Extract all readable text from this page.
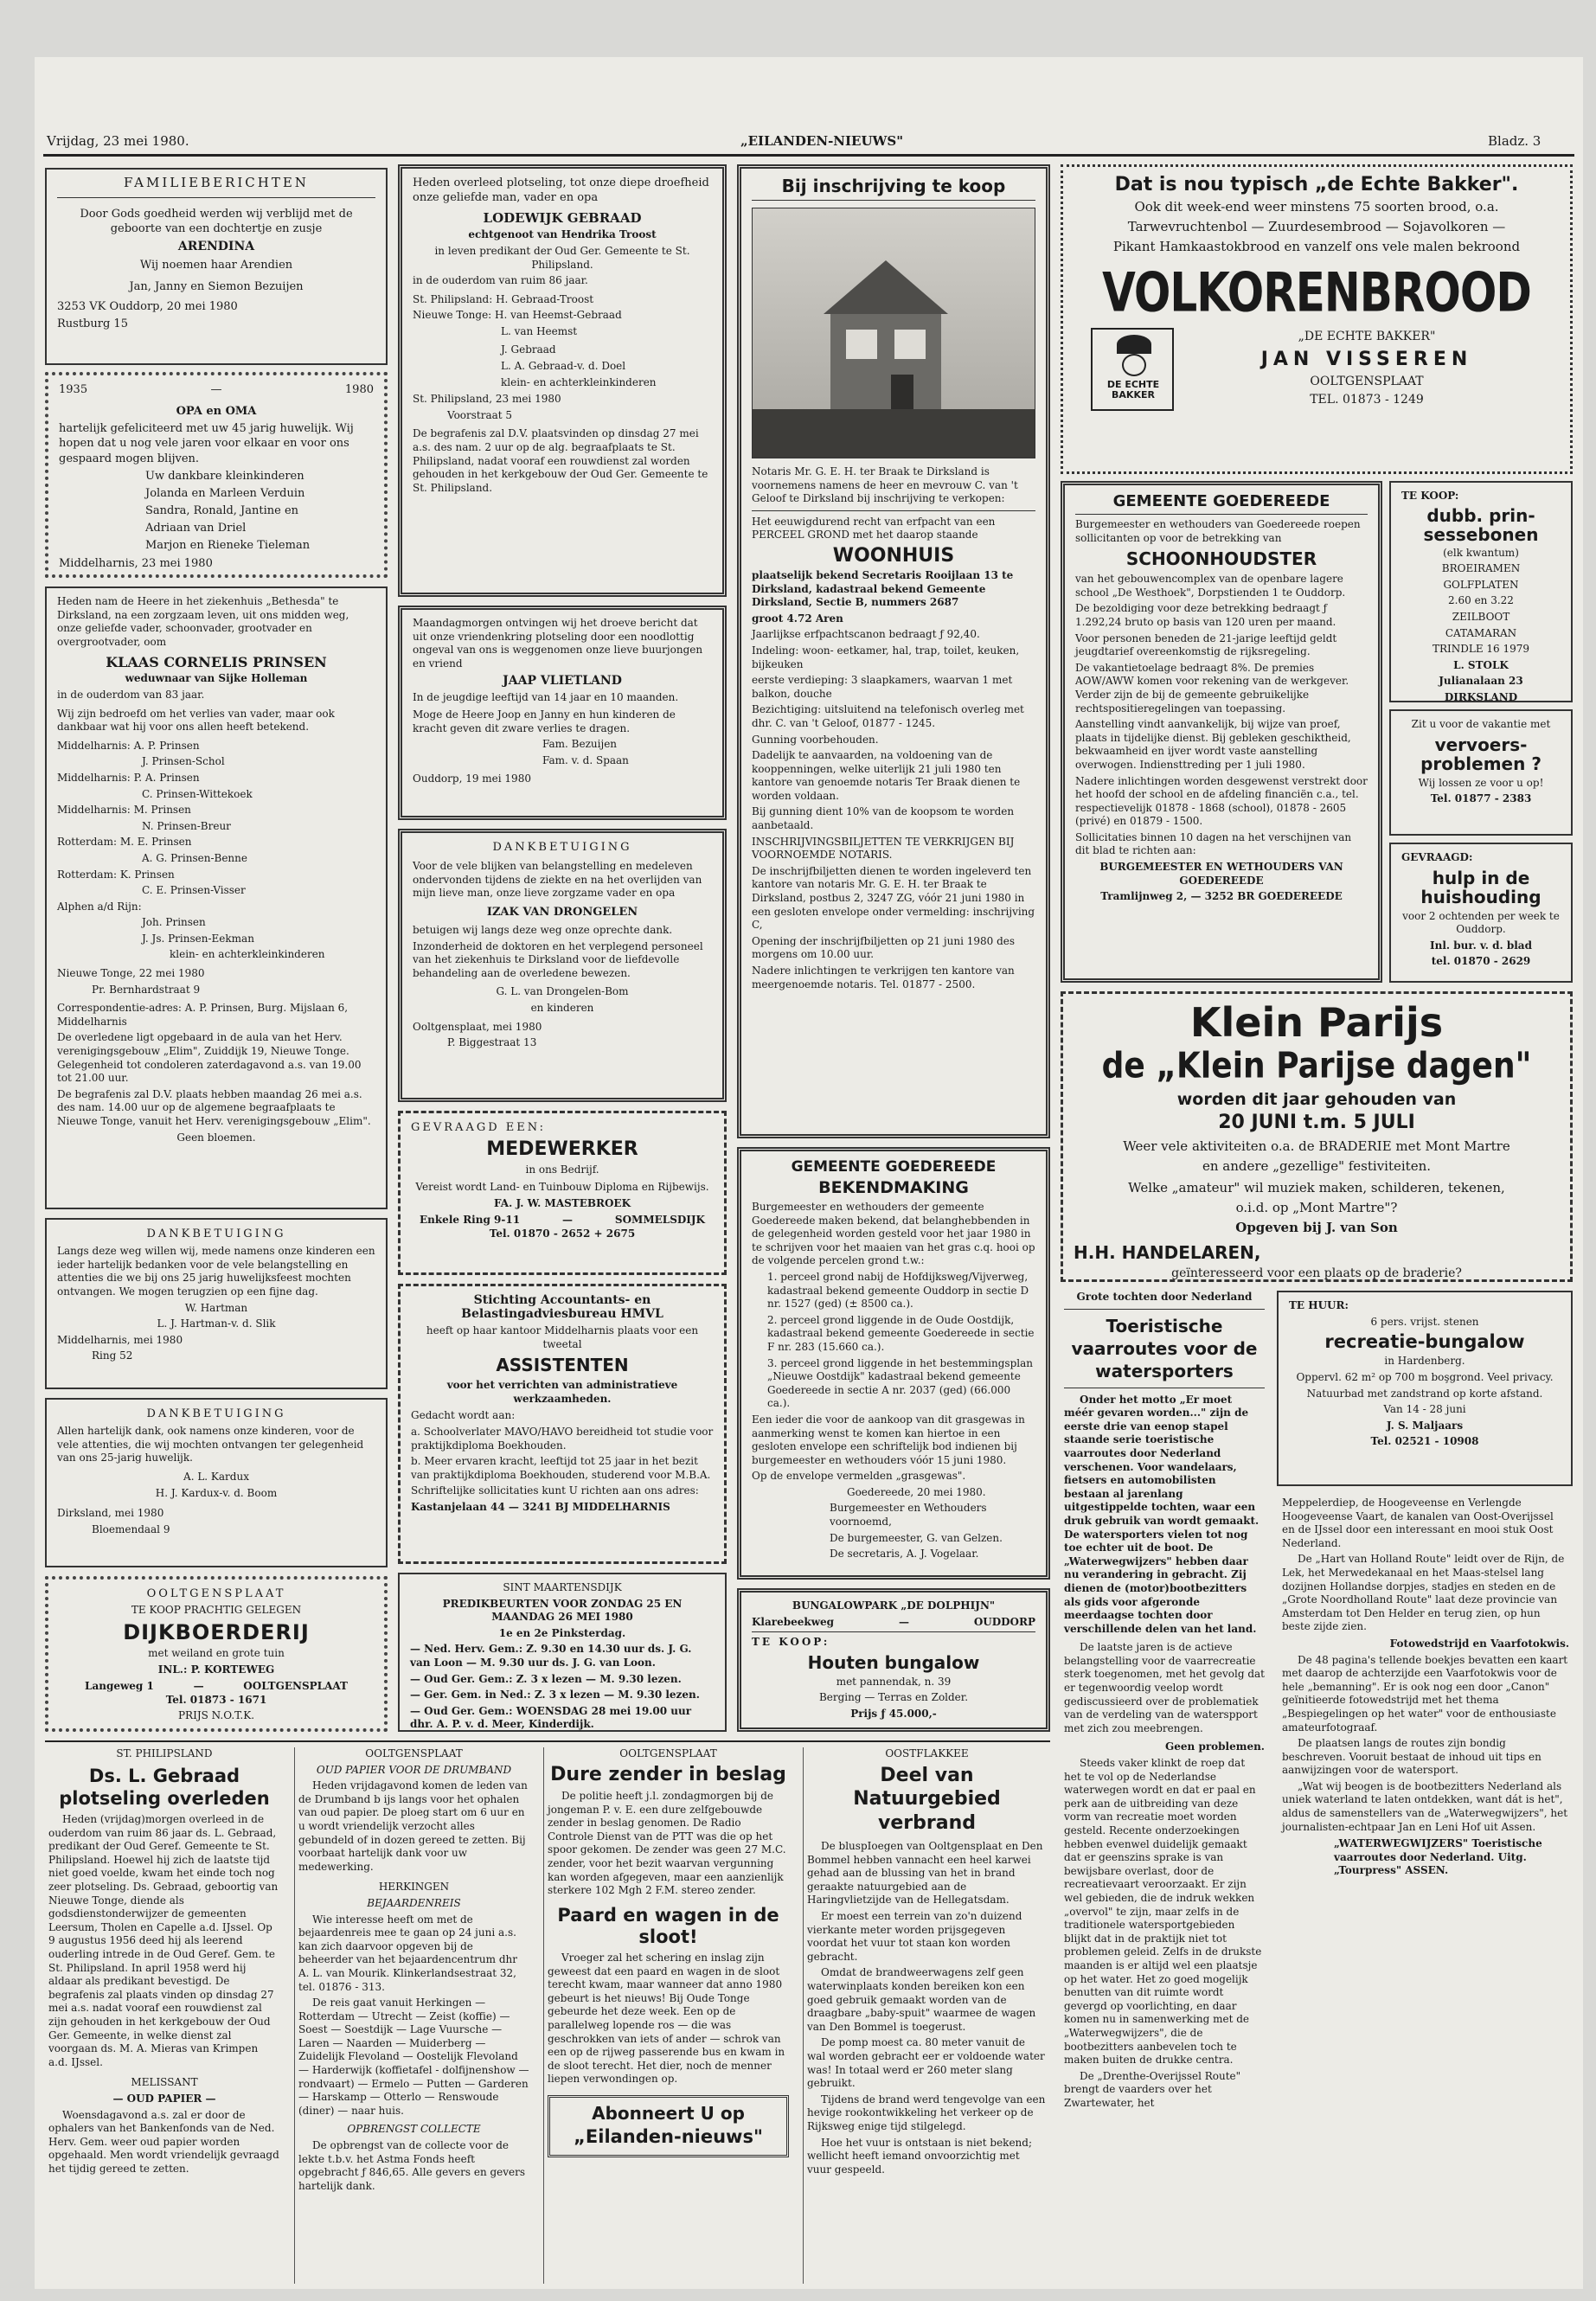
Vrijdag, 23 mei 1980.	„EILANDEN-NIEUWS"	Bladz. 3
FAMILIEBERICHTEN

Door Gods goedheid werden wij verblijd met de geboorte van een dochtertje en zusje

ARENDINA

Wij noemen haar Arendien

Jan, Janny en Siemon Bezuijen

3253 VK Ouddorp, 20 mei 1980

Rustburg 15

1935	—	1980

OPA en OMA

hartelijk gefeliciteerd met uw 45 jarig huwelijk. Wij hopen dat u nog vele jaren voor elkaar en voor ons gespaard mogen blijven.

Uw dankbare kleinkinderen

Jolanda en Marleen Verduin

Sandra, Ronald, Jantine en

Adriaan van Driel

Marjon en Rieneke Tieleman

Middelharnis, 23 mei 1980

Heden nam de Heere in het ziekenhuis „Bethesda" te Dirksland, na een zorgzaam leven, uit ons midden weg, onze geliefde vader, schoonvader, grootvader en overgrootvader, oom

KLAAS CORNELIS PRINSEN

weduwnaar van Sijke Holleman

in de ouderdom van 83 jaar.

Wij zijn bedroefd om het verlies van vader, maar ook dankbaar wat hij voor ons allen heeft betekend.

Middelharnis: A. P. Prinsen

J. Prinsen-Schol

Middelharnis: P. A. Prinsen

C. Prinsen-Wittekoek

Middelharnis: M. Prinsen

N. Prinsen-Breur

Rotterdam: M. E. Prinsen

A. G. Prinsen-Benne

Rotterdam: K. Prinsen

C. E. Prinsen-Visser

Alphen a/d Rijn:

Joh. Prinsen

J. Js. Prinsen-Eekman

klein- en achterkleinkinderen

Nieuwe Tonge, 22 mei 1980

Pr. Bernhardstraat 9

Correspondentie-adres: A. P. Prinsen, Burg. Mijslaan 6, Middelharnis

De overledene ligt opgebaard in de aula van het Herv. verenigingsgebouw „Elim", Zuiddijk 19, Nieuwe Tonge. Gelegenheid tot condoleren zaterdagavond a.s. van 19.00 tot 21.00 uur.

De begrafenis zal D.V. plaats hebben maandag 26 mei a.s. des nam. 14.00 uur op de algemene begraafplaats te Nieuwe Tonge, vanuit het Herv. verenigingsgebouw „Elim".

Geen bloemen.

DANKBETUIGING

Langs deze weg willen wij, mede namens onze kinderen een ieder hartelijk bedanken voor de vele belangstelling en attenties die we bij ons 25 jarig huwelijksfeest mochten ontvangen. We mogen terugzien op een fijne dag.

W. Hartman

L. J. Hartman-v. d. Slik

Middelharnis, mei 1980

Ring 52

DANKBETUIGING

Allen hartelijk dank, ook namens onze kinderen, voor de vele attenties, die wij mochten ontvangen ter gelegenheid van ons 25-jarig huwelijk.

A. L. Kardux

H. J. Kardux-v. d. Boom

Dirksland, mei 1980

Bloemendaal 9

OOLTGENSPLAAT

TE KOOP PRACHTIG GELEGEN

DIJKBOERDERIJ

met weiland en grote tuin

INL.: P. KORTEWEG

Langeweg 1	—	OOLTGENSPLAAT

Tel. 01873 - 1671

PRIJS N.O.T.K.

Heden overleed plotseling, tot onze diepe droefheid onze geliefde man, vader en opa

LODEWIJK GEBRAAD

echtgenoot van Hendrika Troost

in leven predikant der Oud Ger. Gemeente te St. Philipsland.

in de ouderdom van ruim 86 jaar.

St. Philipsland: H. Gebraad-Troost

Nieuwe Tonge: H. van Heemst-Gebraad

L. van Heemst

J. Gebraad

L. A. Gebraad-v. d. Doel

klein- en achterkleinkinderen

St. Philipsland, 23 mei 1980

Voorstraat 5

De begrafenis zal D.V. plaatsvinden op dinsdag 27 mei a.s. des nam. 2 uur op de alg. begraafplaats te St. Philipsland, nadat vooraf een rouwdienst zal worden gehouden in het kerkgebouw der Oud Ger. Gemeente te St. Philipsland.

Maandagmorgen ontvingen wij het droeve bericht dat uit onze vriendenkring plotseling door een noodlottig ongeval van ons is weggenomen onze lieve buurjongen en vriend

JAAP VLIETLAND

In de jeugdige leeftijd van 14 jaar en 10 maanden.

Moge de Heere Joop en Janny en hun kinderen de kracht geven dit zware verlies te dragen.

Fam. Bezuijen

Fam. v. d. Spaan

Ouddorp, 19 mei 1980

DANKBETUIGING

Voor de vele blijken van belangstelling en medeleven ondervonden tijdens de ziekte en na het overlijden van mijn lieve man, onze lieve zorgzame vader en opa

IZAK VAN DRONGELEN

betuigen wij langs deze weg onze oprechte dank.

Inzonderheid de doktoren en het verplegend personeel van het ziekenhuis te Dirksland voor de liefdevolle behandeling aan de overledene bewezen.

G. L. van Drongelen-Bom

en kinderen

Ooltgensplaat, mei 1980

P. Biggestraat 13

GEVRAAGD EEN:

MEDEWERKER

in ons Bedrijf.

Vereist wordt Land- en Tuinbouw Diploma en Rijbewijs.

FA. J. W. MASTEBROEK

Enkele Ring 9-11	—	SOMMELSDIJK

Tel. 01870 - 2652 + 2675

Stichting Accountants- en Belastingadviesbureau HMVL

heeft op haar kantoor Middelharnis plaats voor een tweetal

ASSISTENTEN

voor het verrichten van administratieve werkzaamheden.

Gedacht wordt aan:

a. Schoolverlater MAVO/HAVO bereidheid tot studie voor praktijkdiploma Boekhouden.

b. Meer ervaren kracht, leeftijd tot 25 jaar in het bezit van praktijkdiploma Boekhouden, studerend voor M.B.A.

Schriftelijke sollicitaties kunt U richten aan ons adres:

Kastanjelaan 44 — 3241 BJ MIDDELHARNIS

SINT MAARTENSDIJK

PREDIKBEURTEN VOOR ZONDAG 25 EN MAANDAG 26 MEI 1980

1e en 2e Pinksterdag.

— Ned. Herv. Gem.: Z. 9.30 en 14.30 uur ds. J. G. van Loon — M. 9.30 uur ds. J. G. van Loon.

— Oud Ger. Gem.: Z. 3 x lezen — M. 9.30 lezen.

— Ger. Gem. in Ned.: Z. 3 x lezen — M. 9.30 lezen.

— Oud Ger. Gem.: WOENSDAG 28 mei 19.00 uur dhr. A. P. v. d. Meer, Kinderdijk.

Bij inschrijving te koop

Notaris Mr. G. E. H. ter Braak te Dirksland is voornemens namens de heer en mevrouw C. van 't Geloof te Dirksland bij inschrijving te verkopen:

Het eeuwigdurend recht van erfpacht van een PERCEEL GROND met het daarop staande

WOONHUIS

plaatselijk bekend Secretaris Rooijlaan 13 te Dirksland, kadastraal bekend Gemeente Dirksland, Sectie B, nummers 2687

groot 4.72 Aren

Jaarlijkse erfpachtscanon bedraagt ƒ 92,40.

Indeling: woon- eetkamer, hal, trap, toilet, keuken, bijkeuken

eerste verdieping: 3 slaapkamers, waarvan 1 met balkon, douche

Bezichtiging: uitsluitend na telefonisch overleg met dhr. C. van 't Geloof, 01877 - 1245.

Gunning voorbehouden.

Dadelijk te aanvaarden, na voldoening van de kooppenningen, welke uiterlijk 21 juli 1980 ten kantore van genoemde notaris Ter Braak dienen te worden voldaan.

Bij gunning dient 10% van de koopsom te worden aanbetaald.

INSCHRIJVINGSBILJETTEN TE VERKRIJGEN BIJ VOORNOEMDE NOTARIS.

De inschrijfbiljetten dienen te worden ingeleverd ten kantore van notaris Mr. G. E. H. ter Braak te Dirksland, postbus 2, 3247 ZG, vóór 21 juni 1980 in een gesloten envelope onder vermelding: inschrijving C,

Opening der inschrijfbiljetten op 21 juni 1980 des morgens om 10.00 uur.

Nadere inlichtingen te verkrijgen ten kantore van meergenoemde notaris. Tel. 01877 - 2500.

GEMEENTE GOEDEREEDE

BEKENDMAKING

Burgemeester en wethouders der gemeente Goedereede maken bekend, dat belanghebbenden in de gelegenheid worden gesteld voor het jaar 1980 in te schrijven voor het maaien van het gras c.q. hooi op de volgende percelen grond t.w.:

1. perceel grond nabij de Hofdijksweg/Vijverweg, kadastraal bekend gemeente Ouddorp in sectie D nr. 1527 (ged) (± 8500 ca.).

2. perceel grond liggende in de Oude Oostdijk, kadastraal bekend gemeente Goedereede in sectie F nr. 283 (15.660 ca.).

3. perceel grond liggende in het bestemmingsplan „Nieuwe Oostdijk" kadastraal bekend gemeente Goedereede in sectie A nr. 2037 (ged) (66.000 ca.).

Een ieder die voor de aankoop van dit grasgewas in aanmerking wenst te komen kan hiertoe in een gesloten envelope een schriftelijk bod indienen bij burgemeester en wethouders vóór 15 juni 1980.

Op de envelope vermelden „grasgewas".

Goedereede, 20 mei 1980.

Burgemeester en Wethouders voornoemd,

De burgemeester, G. van Gelzen.

De secretaris, A. J. Vogelaar.

BUNGALOWPARK „DE DOLPHIJN"

Klarebeekweg	—	OUDDORP

TE KOOP:

Houten bungalow

met pannendak, n. 39

Berging — Terras en Zolder.

Prijs ƒ 45.000,-

Dat is nou typisch „de Echte Bakker".

Ook dit week-end weer minstens 75 soorten brood, o.a.

Tarwevruchtenbol — Zuurdesembrood — Sojavolkoren —

Pikant Hamkaastokbrood en vanzelf ons vele malen bekroond

VOLKORENBROOD

DE ECHTE BAKKER

„DE ECHTE BAKKER"

JAN VISSEREN

OOLTGENSPLAAT

TEL. 01873 - 1249

GEMEENTE GOEDEREEDE

Burgemeester en wethouders van Goedereede roepen sollicitanten op voor de betrekking van

SCHOONHOUDSTER

van het gebouwencomplex van de openbare lagere school „De Westhoek", Dorpstienden 1 te Ouddorp.

De bezoldiging voor deze betrekking bedraagt ƒ 1.292,24 bruto op basis van 120 uren per maand.

Voor personen beneden de 21-jarige leeftijd geldt jeugdtarief overeenkomstig de rijksregeling.

De vakantietoelage bedraagt 8%. De premies AOW/AWW komen voor rekening van de werkgever. Verder zijn de bij de gemeente gebruikelijke rechtspositieregelingen van toepassing.

Aanstelling vindt aanvankelijk, bij wijze van proef, plaats in tijdelijke dienst. Bij gebleken geschiktheid, bekwaamheid en ijver wordt vaste aanstelling overwogen. Indiensttreding per 1 juli 1980.

Nadere inlichtingen worden desgewenst verstrekt door het hoofd der school en de afdeling financiën c.a., tel. respectievelijk 01878 - 1868 (school), 01878 - 2605 (privé) en 01879 - 1500.

Sollicitaties binnen 10 dagen na het verschijnen van dit blad te richten aan:

BURGEMEESTER EN WETHOUDERS VAN GOEDEREEDE

Tramlijnweg 2, — 3252 BR GOEDEREEDE

TE KOOP:

dubb. prin-sessebonen

(elk kwantum)

BROEIRAMEN

GOLFPLATEN

2.60 en 3.22

ZEILBOOT

CATAMARAN

TRINDLE 16 1979

L. STOLK

Julianalaan 23

DIRKSLAND

Zit u voor de vakantie met

vervoers-problemen ?

Wij lossen ze voor u op!

Tel. 01877 - 2383

GEVRAAGD:

hulp in de huishouding

voor 2 ochtenden per week te Ouddorp.

Inl. bur. v. d. blad

tel. 01870 - 2629

Klein Parijs

de „Klein Parijse dagen"

worden dit jaar gehouden van

20 JUNI t.m. 5 JULI

Weer vele aktiviteiten o.a. de BRADERIE met Mont Martre

en andere „gezellige" festiviteiten.

Welke „amateur" wil muziek maken, schilderen, tekenen,

o.i.d. op „Mont Martre"?

Opgeven bij J. van Son

H.H. HANDELAREN,

geïnteresseerd voor een plaats op de braderie?

Grote tochten door Nederland

Toeristische vaarroutes voor de watersporters

Onder het motto „Er moet méér gevaren worden..." zijn de eerste drie van eenop stapel staande serie toeristische vaarroutes door Nederland verschenen. Voor wandelaars, fietsers en automobilisten bestaan al jarenlang uitgestippelde tochten, waar een druk gebruik van wordt gemaakt. De watersporters vielen tot nog toe echter uit de boot. De „Waterwegwijzers" hebben daar nu verandering in gebracht. Zij dienen de (motor)bootbezitters als gids voor afgeronde meerdaagse tochten door verschillende delen van het land.

De laatste jaren is de actieve belangstelling voor de vaarrecreatie sterk toegenomen, met het gevolg dat er tegenwoordig veelop wordt gediscussieerd over de problematiek van de verdeling van de waterspport met zich zou meebrengen.

Geen problemen.

Steeds vaker klinkt de roep dat het te vol op de Nederlandse waterwegen wordt en dat er paal en perk aan de uitbreiding van deze vorm van recreatie moet worden gesteld. Recente onderzoekingen hebben evenwel duidelijk gemaakt dat er geenszins sprake is van bewijsbare overlast, door de recreatievaart veroorzaakt. Er zijn wel gebieden, die de indruk wekken „overvol" te zijn, maar zelfs in de traditionele watersportgebieden blijkt dat in de praktijk niet tot problemen geleid. Zelfs in de drukste maanden is er altijd wel een plaatsje op het water. Het zo goed mogelijk benutten van dit ruimte wordt gevergd op voorlichting, en daar komen nu in samenwerking met de „Waterwegwijzers", die de bootbezitters aanbevelen toch te maken buiten de drukke centra.

De „Drenthe-Overijssel Route" brengt de vaarders over het Zwartewater, het

TE HUUR:

6 pers. vrijst. stenen

recreatie-bungalow

in Hardenberg.

Oppervl. 62 m² op 700 m boşgrond. Veel privacy.

Natuurbad met zandstrand op korte afstand.

Van 14 - 28 juni

J. S. Maljaars

Tel. 02521 - 10908

Meppelerdiep, de Hoogeveense en Verlengde Hoogeveense Vaart, de kanalen van Oost-Overijssel en de IJssel door een interessant en mooi stuk Oost Nederland.

De „Hart van Holland Route" leidt over de Rijn, de Lek, het Merwedekanaal en het Maas-stelsel lang dozijnen Hollandse dorpjes, stadjes en steden en de „Grote Noordholland Route" laat deze provincie van Amsterdam tot Den Helder en terug zien, op hun beste zijde zien.

Fotowedstrijd en Vaarfotokwis.

De 48 pagina's tellende boekjes bevatten een kaart met daarop de achterzijde een Vaarfotokwis voor de hele „bemanning". Er is ook nog een door „Canon" geïnitieerde fotowedstrijd met het thema „Bespiegelingen op het water" voor de enthousiaste amateurfotograaf.

De plaatsen langs de routes zijn bondig beschreven. Vooruit bestaat de inhoud uit tips en aanwijzingen voor de watersport.

„Wat wij beogen is de bootbezitters Nederland als uniek waterland te laten ontdekken, want dát is het", aldus de samenstellers van de „Waterwegwijzers", het journalisten-echtpaar Jan en Leni Hof uit Assen.

„WATERWEGWIJZERS" Toeristische vaarroutes door Nederland. Uitg. „Tourpress" ASSEN.

ST. PHILIPSLAND

Ds. L. Gebraad plotseling overleden

Heden (vrijdag)morgen overleed in de ouderdom van ruim 86 jaar ds. L. Gebraad, predikant der Oud Geref. Gemeente te St. Philipsland. Hoewel hij zich de laatste tijd niet goed voelde, kwam het einde toch nog zeer plotseling. Ds. Gebraad, geboortig van Nieuwe Tonge, diende als godsdienstonderwijzer de gemeenten Leersum, Tholen en Capelle a.d. IJssel. Op 9 augustus 1956 deed hij als leerend ouderling intrede in de Oud Geref. Gem. te St. Philipsland. In april 1958 werd hij aldaar als predikant bevestigd. De begrafenis zal plaats vinden op dinsdag 27 mei a.s. nadat vooraf een rouwdienst zal zijn gehouden in het kerkgebouw der Oud Ger. Gemeente, in welke dienst zal voorgaan ds. M. A. Mieras van Krimpen a.d. IJssel.

MELISSANT

— OUD PAPIER —

Woensdagavond a.s. zal er door de ophalers van het Bankenfonds van de Ned. Herv. Gem. weer oud papier worden opgehaald. Men wordt vriendelijk gevraagd het tijdig gereed te zetten.

OOLTGENSPLAAT

OUD PAPIER VOOR DE DRUMBAND

Heden vrijdagavond komen de leden van de Drumband b ijs langs voor het ophalen van oud papier. De ploeg start om 6 uur en u wordt vriendelijk verzocht alles gebundeld of in dozen gereed te zetten. Bij voorbaat hartelijk dank voor uw medewerking.

HERKINGEN

BEJAARDENREIS

Wie interesse heeft om met de bejaardenreis mee te gaan op 24 juni a.s. kan zich daarvoor opgeven bij de beheerder van het bejaardencentrum dhr A. L. van Mourik. Klinkerlandsestraat 32, tel. 01876 - 313.

De reis gaat vanuit Herkingen — Rotterdam — Utrecht — Zeist (koffie) — Soest — Soestdijk — Lage Vuursche — Laren — Naarden — Muiderberg — Zuidelijk Flevoland — Oostelijk Flevoland — Harderwijk (koffietafel - dolfijnenshow — rondvaart) — Ermelo — Putten — Garderen — Harskamp — Otterlo — Renswoude (diner) — naar huis.

OPBRENGST COLLECTE

De opbrengst van de collecte voor de lekte t.b.v. het Astma Fonds heeft opgebracht ƒ 846,65. Alle gevers en gevers hartelijk dank.

OOLTGENSPLAAT

Dure zender in beslag

De politie heeft j.l. zondagmorgen bij de jongeman P. v. E. een dure zelfgebouwde zender in beslag genomen. De Radio Controle Dienst van de PTT was die op het spoor gekomen. De zender was geen 27 M.C. zender, voor het bezit waarvan vergunning kan worden afgegeven, maar een aanzienlijk sterkere 102 Mgh 2 F.M. stereo zender.

Paard en wagen in de sloot!

Vroeger zal het schering en inslag zijn geweest dat een paard en wagen in de sloot terecht kwam, maar wanneer dat anno 1980 gebeurt is het nieuws! Bij Oude Tonge gebeurde het deze week. Een op de parallelweg lopende ros — die was geschrokken van iets of ander — schrok van een op de rijweg passerende bus en kwam in de sloot terecht. Het dier, noch de menner liepen verwondingen op.

Abonneert U op

„Eilanden-nieuws"

OOSTFLAKKEE

Deel van Natuurgebied verbrand

De bluspIoegen van Ooltgensplaat en Den Bommel hebben vannacht een heel karwei gehad aan de blussing van het in brand geraakte natuurgebied aan de Haringvlietzijde van de Hellegatsdam.

Er moest een terrein van zo'n duizend vierkante meter worden prijsgegeven voordat het vuur tot staan kon worden gebracht.

Omdat de brandweerwagens zelf geen waterwinplaats konden bereiken kon een goed gebruik gemaakt worden van de draagbare „baby-spuit" waarmee de wagen van Den Bommel is toegerust.

De pomp moest ca. 80 meter vanuit de wal worden gebracht eer er voldoende water was! In totaal werd er 260 meter slang gebruikt.

Tijdens de brand werd tengevolge van een hevige rookontwikkeling het verkeer op de Rijksweg enige tijd stilgelegd.

Hoe het vuur is ontstaan is niet bekend; wellicht heeft iemand onvoorzichtig met vuur gespeeld.
